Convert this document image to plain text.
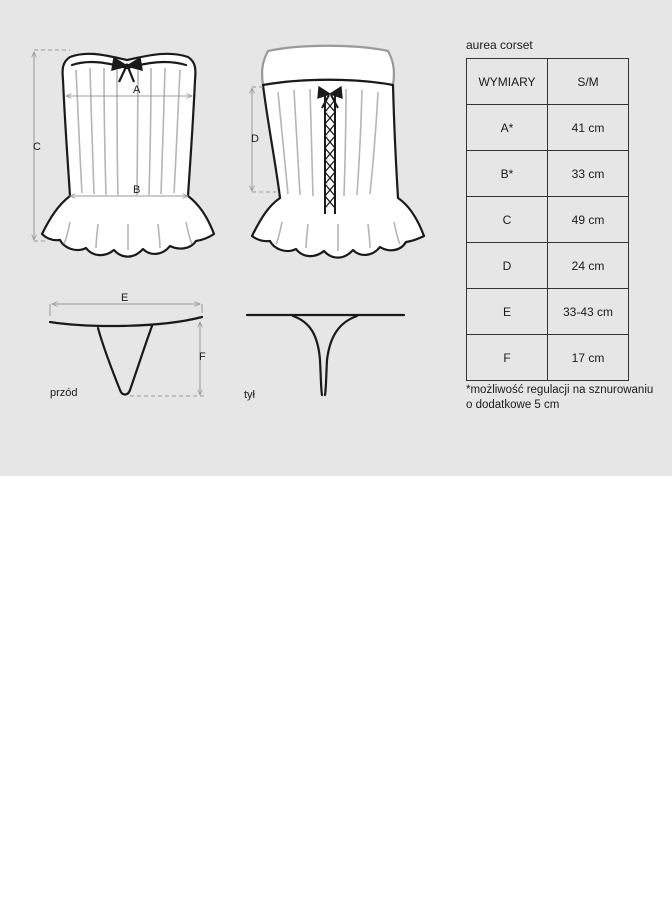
A
B
C
D
E
F
przód	tył
aurea corset
WYMIARY	S/M
A*	41 cm
B*	33 cm
C	49 cm
D	24 cm
E	33-43 cm
F	17 cm
*możliwość regulacji na sznurowaniu
o dodatkowe 5 cm
